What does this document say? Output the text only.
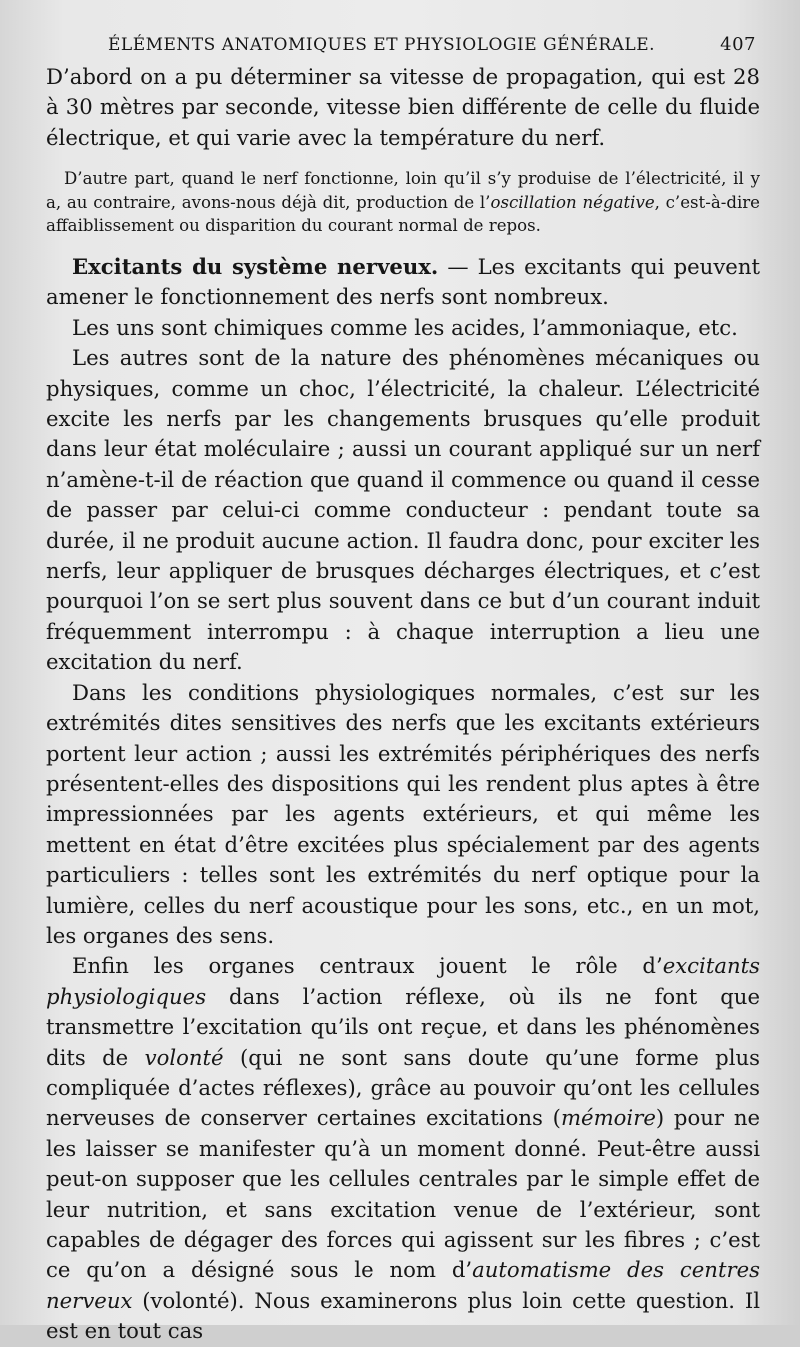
ÉLÉMENTS ANATOMIQUES ET PHYSIOLOGIE GÉNÉRALE.	407

D’abord on a pu déterminer sa vitesse de propagation, qui est 28 à 30 mètres par seconde, vitesse bien différente de celle du fluide électrique, et qui varie avec la température du nerf.

D’autre part, quand le nerf fonctionne, loin qu’il s’y produise de l’électricité, il y a, au contraire, avons-nous déjà dit, production de l’oscillation négative, c’est-à-dire affaiblissement ou disparition du courant normal de repos.

Excitants du système nerveux. — Les excitants qui peuvent amener le fonctionnement des nerfs sont nombreux.

Les uns sont chimiques comme les acides, l’ammoniaque, etc.

Les autres sont de la nature des phénomènes mécaniques ou physiques, comme un choc, l’électricité, la chaleur. L’électricité excite les nerfs par les changements brusques qu’elle produit dans leur état moléculaire ; aussi un courant appliqué sur un nerf n’amène-t-il de réaction que quand il commence ou quand il cesse de passer par celui-ci comme conducteur : pendant toute sa durée, il ne produit aucune action. Il faudra donc, pour exciter les nerfs, leur appliquer de brusques décharges électriques, et c’est pourquoi l’on se sert plus souvent dans ce but d’un courant induit fréquemment interrompu : à chaque interruption a lieu une excitation du nerf.

Dans les conditions physiologiques normales, c’est sur les extrémités dites sensitives des nerfs que les excitants extérieurs portent leur action ; aussi les extrémités périphériques des nerfs présentent-elles des dispositions qui les rendent plus aptes à être impressionnées par les agents extérieurs, et qui même les mettent en état d’être excitées plus spécialement par des agents particuliers : telles sont les extrémités du nerf optique pour la lumière, celles du nerf acoustique pour les sons, etc., en un mot, les organes des sens.

Enfin les organes centraux jouent le rôle d’excitants physiologiques dans l’action réflexe, où ils ne font que transmettre l’excitation qu’ils ont reçue, et dans les phénomènes dits de volonté (qui ne sont sans doute qu’une forme plus compliquée d’actes réflexes), grâce au pouvoir qu’ont les cellules nerveuses de conserver certaines excitations (mémoire) pour ne les laisser se manifester qu’à un moment donné. Peut-être aussi peut-on supposer que les cellules centrales par le simple effet de leur nutrition, et sans excitation venue de l’extérieur, sont capables de dégager des forces qui agissent sur les fibres ; c’est ce qu’on a désigné sous le nom d’automatisme des centres nerveux (volonté). Nous examinerons plus loin cette question. Il est en tout cas
